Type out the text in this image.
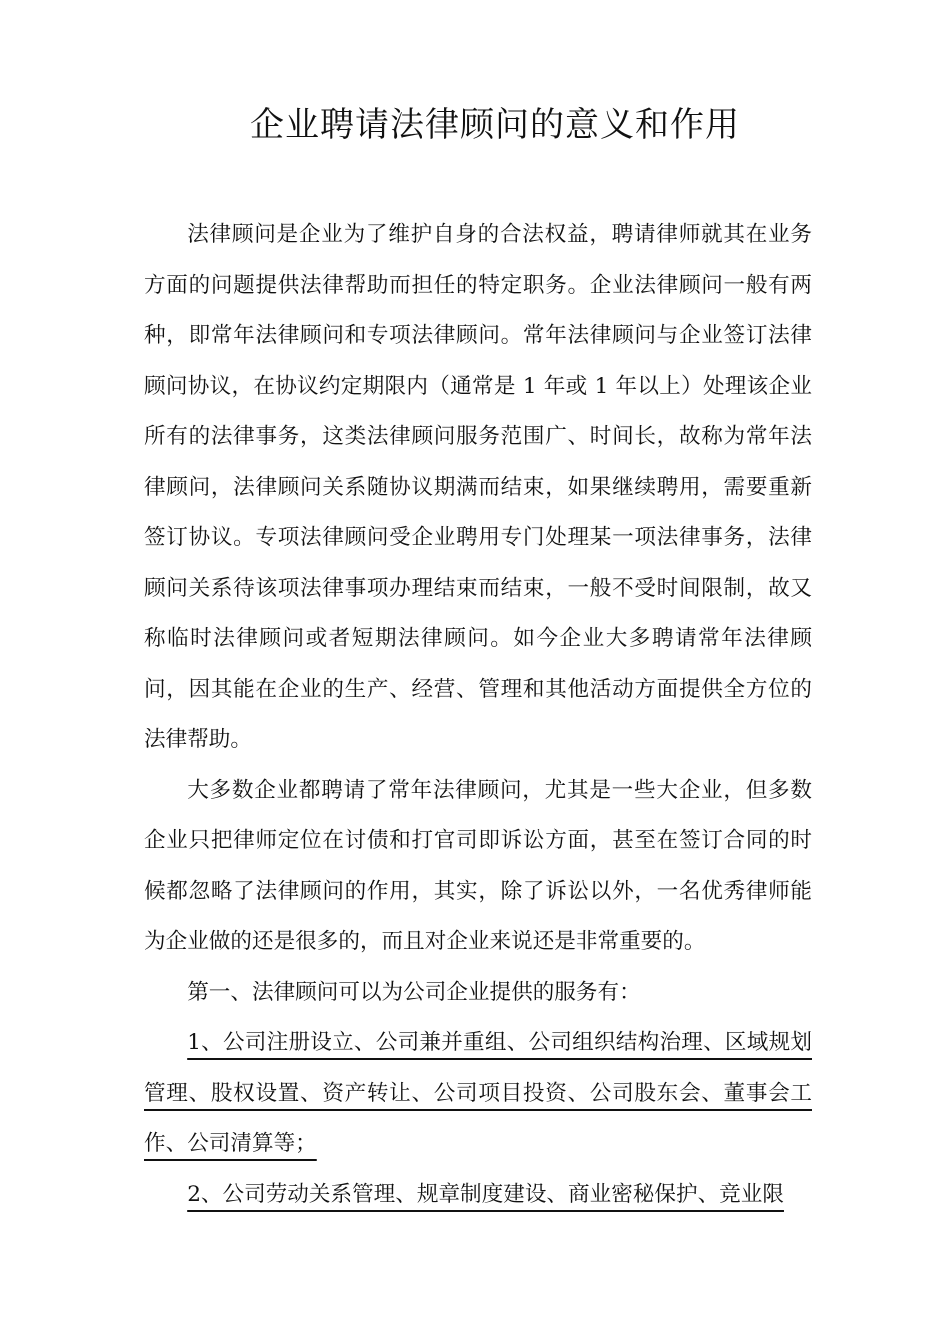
企业聘请法律顾问的意义和作用

法律顾问是企业为了维护自身的合法权益，聘请律师就其在业务方面的问题提供法律帮助而担任的特定职务。企业法律顾问一般有两种，即常年法律顾问和专项法律顾问。常年法律顾问与企业签订法律顾问协议，在协议约定期限内（通常是 1 年或 1 年以上）处理该企业所有的法律事务，这类法律顾问服务范围广、时间长，故称为常年法律顾问，法律顾问关系随协议期满而结束，如果继续聘用，需要重新签订协议。专项法律顾问受企业聘用专门处理某一项法律事务，法律顾问关系待该项法律事项办理结束而结束，一般不受时间限制，故又称临时法律顾问或者短期法律顾问。如今企业大多聘请常年法律顾问，因其能在企业的生产、经营、管理和其他活动方面提供全方位的法律帮助。

大多数企业都聘请了常年法律顾问，尤其是一些大企业，但多数企业只把律师定位在讨债和打官司即诉讼方面，甚至在签订合同的时候都忽略了法律顾问的作用，其实，除了诉讼以外，一名优秀律师能为企业做的还是很多的，而且对企业来说还是非常重要的。

第一、法律顾问可以为公司企业提供的服务有：

1、公司注册设立、公司兼并重组、公司组织结构治理、区域规划管理、股权设置、资产转让、公司项目投资、公司股东会、董事会工作、公司清算等；

2、公司劳动关系管理、规章制度建设、商业密秘保护、竞业限
